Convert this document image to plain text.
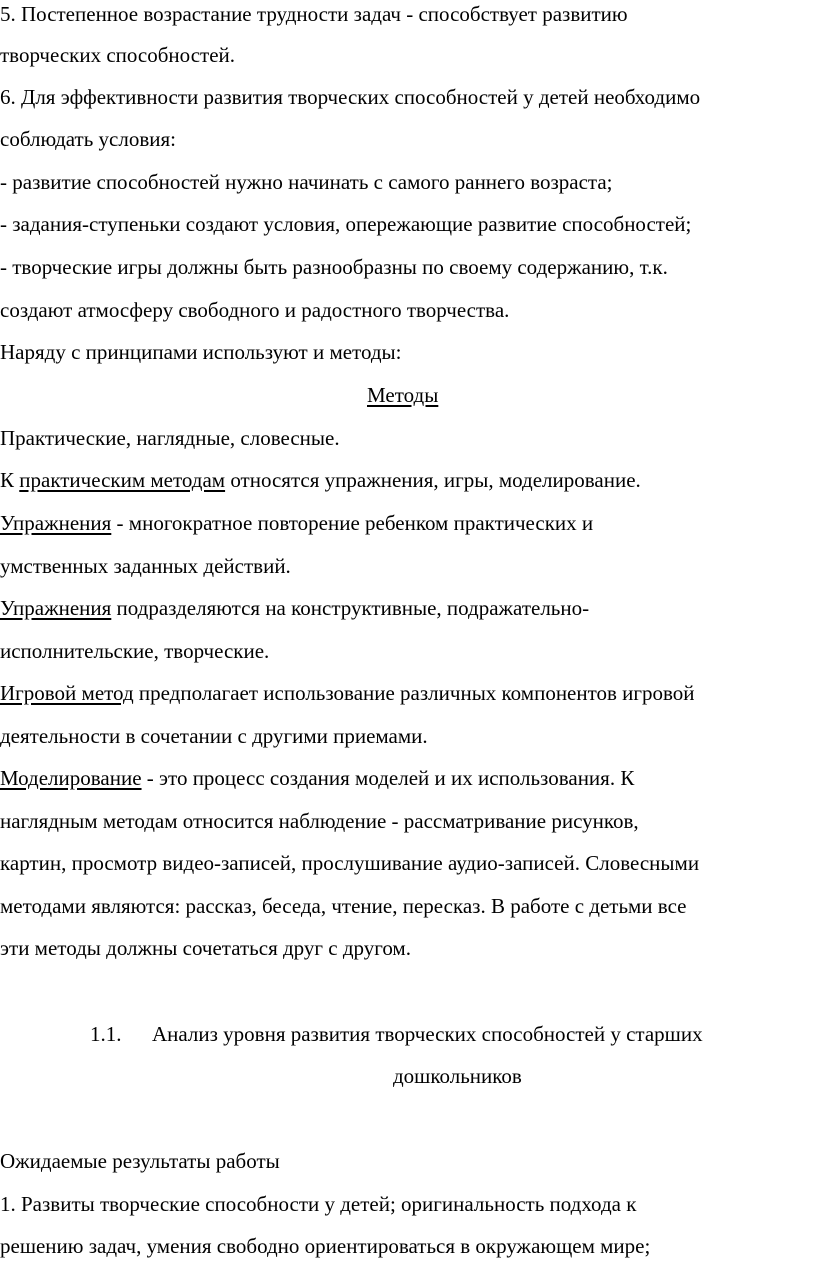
5. Постепенное возрастание трудности задач - способствует развитию
творческих способностей.
6. Для эффективности развития творческих способностей у детей необходимо
соблюдать условия:
- развитие способностей нужно начинать с самого раннего возраста;
- задания-ступеньки создают условия, опережающие развитие способностей;
- творческие игры должны быть разнообразны по своему содержанию, т.к.
создают атмосферу свободного и радостного творчества.
Наряду с принципами используют и методы:
Методы
Практические, наглядные, словесные.
К практическим методам относятся упражнения, игры, моделирование.
Упражнения - многократное повторение ребенком практических и
умственных заданных действий.
Упражнения подразделяются на конструктивные, подражательно-
исполнительские, творческие.
Игровой метод предполагает использование различных компонентов игровой
деятельности в сочетании с другими приемами.
Моделирование - это процесс создания моделей и их использования. К
наглядным методам относится наблюдение - рассматривание рисунков,
картин, просмотр видео-записей, прослушивание аудио-записей. Словесными
методами являются: рассказ, беседа, чтение, пересказ. В работе с детьми все
эти методы должны сочетаться друг с другом.
1.1. Анализ уровня развития творческих способностей у старших
дошкольников
Ожидаемые результаты работы
1. Развиты творческие способности у детей; оригинальность подхода к
решению задач, умения свободно ориентироваться в окружающем мире;
